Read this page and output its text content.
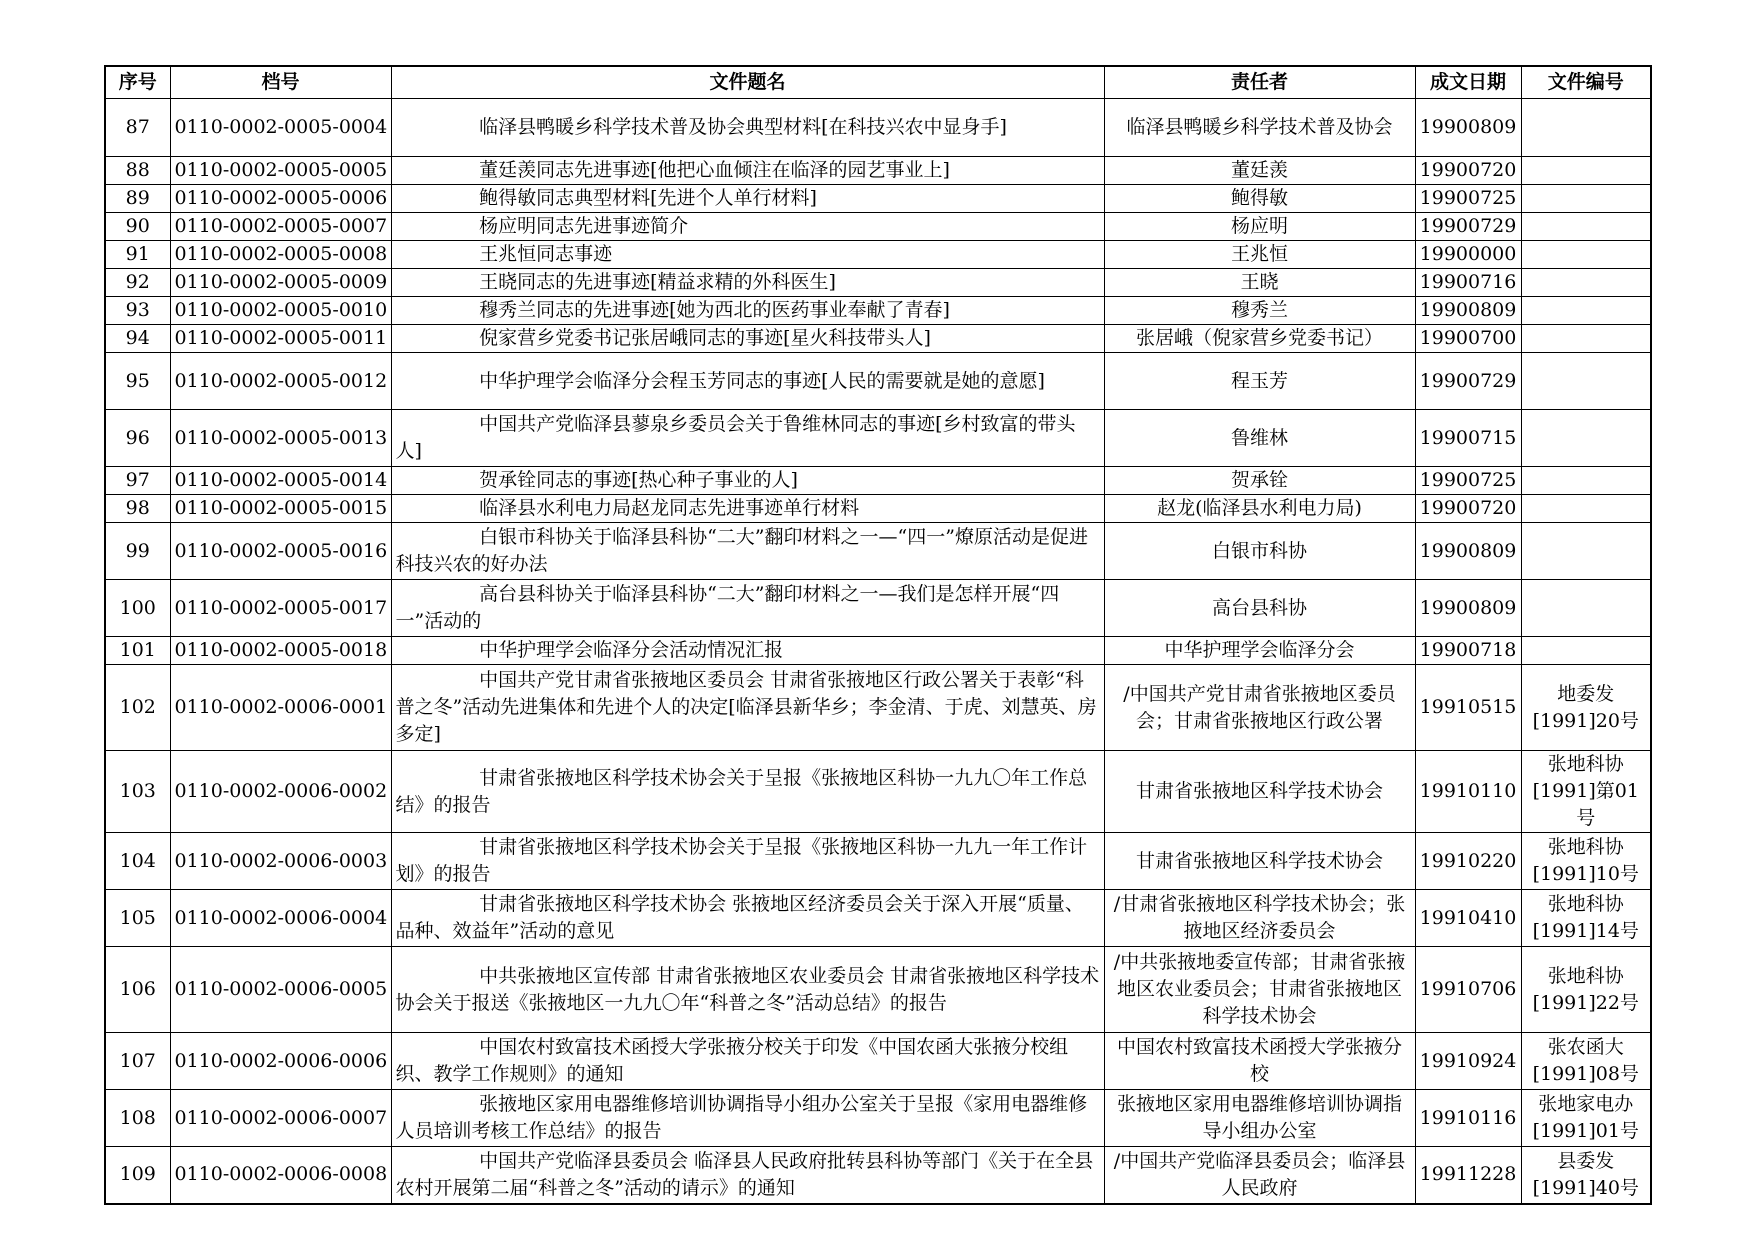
序号	档号	文件题名	责任者	成文日期	文件编号
87	0110-0002-0005-0004	临泽县鸭暖乡科学技术普及协会典型材料[在科技兴农中显身手]	临泽县鸭暖乡科学技术普及协会	19900809	
88	0110-0002-0005-0005	董廷羡同志先进事迹[他把心血倾注在临泽的园艺事业上]	董廷羡	19900720	
89	0110-0002-0005-0006	鲍得敏同志典型材料[先进个人单行材料]	鲍得敏	19900725	
90	0110-0002-0005-0007	杨应明同志先进事迹简介	杨应明	19900729	
91	0110-0002-0005-0008	王兆恒同志事迹	王兆恒	19900000	
92	0110-0002-0005-0009	王晓同志的先进事迹[精益求精的外科医生]	王晓	19900716	
93	0110-0002-0005-0010	穆秀兰同志的先进事迹[她为西北的医药事业奉献了青春]	穆秀兰	19900809	
94	0110-0002-0005-0011	倪家营乡党委书记张居峨同志的事迹[星火科技带头人]	张居峨（倪家营乡党委书记）	19900700	
95	0110-0002-0005-0012	中华护理学会临泽分会程玉芳同志的事迹[人民的需要就是她的意愿]	程玉芳	19900729	
96	0110-0002-0005-0013	中国共产党临泽县蓼泉乡委员会关于鲁维林同志的事迹[乡村致富的带头人]	鲁维林	19900715	
97	0110-0002-0005-0014	贺承铨同志的事迹[热心种子事业的人]	贺承铨	19900725	
98	0110-0002-0005-0015	临泽县水利电力局赵龙同志先进事迹单行材料	赵龙(临泽县水利电力局)	19900720	
99	0110-0002-0005-0016	白银市科协关于临泽县科协“二大”翻印材料之一—“四一”燎原活动是促进科技兴农的好办法	白银市科协	19900809	
100	0110-0002-0005-0017	高台县科协关于临泽县科协“二大”翻印材料之一—我们是怎样开展“四一”活动的	高台县科协	19900809	
101	0110-0002-0005-0018	中华护理学会临泽分会活动情况汇报	中华护理学会临泽分会	19900718	
102	0110-0002-0006-0001	中国共产党甘肃省张掖地区委员会 甘肃省张掖地区行政公署关于表彰“科普之冬”活动先进集体和先进个人的决定[临泽县新华乡；李金清、于虎、刘慧英、房多定]	/中国共产党甘肃省张掖地区委员会；甘肃省张掖地区行政公署	19910515	地委发[1991]20号
103	0110-0002-0006-0002	甘肃省张掖地区科学技术协会关于呈报《张掖地区科协一九九〇年工作总结》的报告	甘肃省张掖地区科学技术协会	19910110	张地科协[1991]第01号
104	0110-0002-0006-0003	甘肃省张掖地区科学技术协会关于呈报《张掖地区科协一九九一年工作计划》的报告	甘肃省张掖地区科学技术协会	19910220	张地科协[1991]10号
105	0110-0002-0006-0004	甘肃省张掖地区科学技术协会 张掖地区经济委员会关于深入开展“质量、品种、效益年”活动的意见	/甘肃省张掖地区科学技术协会；张掖地区经济委员会	19910410	张地科协[1991]14号
106	0110-0002-0006-0005	中共张掖地区宣传部 甘肃省张掖地区农业委员会 甘肃省张掖地区科学技术协会关于报送《张掖地区一九九〇年“科普之冬”活动总结》的报告	/中共张掖地委宣传部；甘肃省张掖地区农业委员会；甘肃省张掖地区科学技术协会	19910706	张地科协[1991]22号
107	0110-0002-0006-0006	中国农村致富技术函授大学张掖分校关于印发《中国农函大张掖分校组织、教学工作规则》的通知	中国农村致富技术函授大学张掖分校	19910924	张农函大[1991]08号
108	0110-0002-0006-0007	张掖地区家用电器维修培训协调指导小组办公室关于呈报《家用电器维修人员培训考核工作总结》的报告	张掖地区家用电器维修培训协调指导小组办公室	19910116	张地家电办[1991]01号
109	0110-0002-0006-0008	中国共产党临泽县委员会 临泽县人民政府批转县科协等部门《关于在全县农村开展第二届“科普之冬”活动的请示》的通知	/中国共产党临泽县委员会；临泽县人民政府	19911228	县委发[1991]40号
